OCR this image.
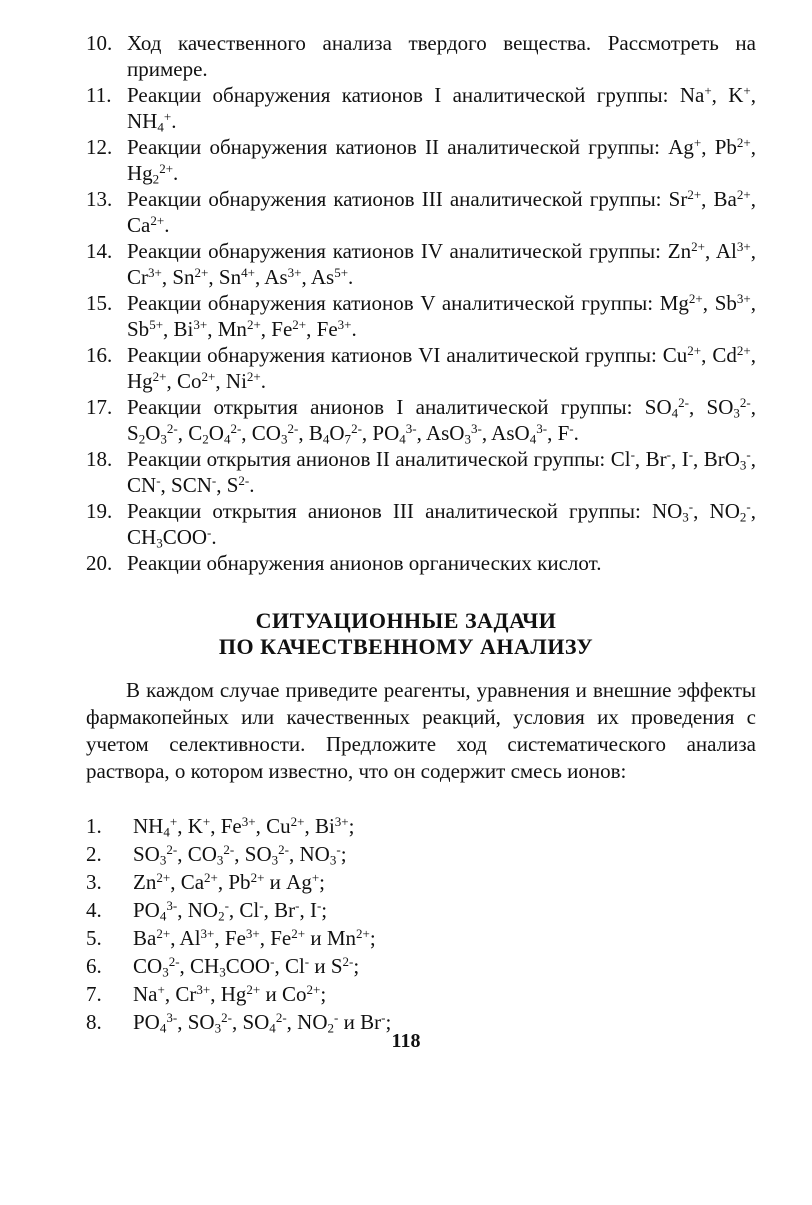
10. Ход качественного анализа твердого вещества. Рассмотреть на примере.
11. Реакции обнаружения катионов I аналитической группы: Na+, K+, $NH_4^+$.
12. Реакции обнаружения катионов II аналитической группы: Ag+, $Pb^{2+}$, $Hg_2^{2+}$.
13. Реакции обнаружения катионов III аналитической группы: $Sr^{2+}$, $Ba^{2+}$, $Ca^{2+}$.
14. Реакции обнаружения катионов IV аналитической группы: $Zn^{2+}$, $Al^{3+}$, $Cr^{3+}$, $Sn^{2+}$, $Sn^{4+}$, $As^{3+}$, $As^{5+}$.
15. Реакции обнаружения катионов V аналитической группы: $Mg^{2+}$, $Sb^{3+}$, $Sb^{5+}$, $Bi^{3+}$, $Mn^{2+}$, $Fe^{2+}$, $Fe^{3+}$.
16. Реакции обнаружения катионов VI аналитической группы: $Cu^{2+}$, $Cd^{2+}$, $Hg^{2+}$, $Co^{2+}$, $Ni^{2+}$.
17. Реакции открытия анионов I аналитической группы: $SO_4^{2-}$, $SO_3^{2-}$, $S_2O_3^{2-}$, $C_2O_4^{2-}$, $CO_3^{2-}$, $B_4O_7^{2-}$, $PO_4^{3-}$, AsO$_3^{3-}$, AsO$_4^{3-}$, F-.
18. Реакции открытия анионов II аналитической группы: Cl-, Br-, I-, BrO$_3$-, CN-, SCN-, $S^{2-}$.
19. Реакции открытия анионов III аналитической группы: $NO_3^-$, $NO_2^-$, $CH_3COO^-$.
20. Реакции обнаружения анионов органических кислот.
СИТУАЦИОННЫЕ ЗАДАЧИ
ПО КАЧЕСТВЕННОМУ АНАЛИЗУ
В каждом случае приведите реагенты, уравнения и внешние эффекты фармакопейных или качественных реакций, условия их проведения с учетом селективности. Предложите ход систематического анализа раствора, о котором известно, что он содержит смесь ионов:
1.	$NH_4^+$, K+, $Fe^{3+}$, $Cu^{2+}$, $Bi^{3+}$;
2.	$SO_3^{2-}$, $CO_3^{2-}$, $SO_3^{2-}$, $NO_3^-$;
3.	$Zn^{2+}$, $Ca^{2+}$, $Pb^{2+}$ и Ag+;
4.	$PO_4^{3-}$, $NO_2^-$, Cl-, Br-, I-;
5.	$Ba^{2+}$, $Al^{3+}$, $Fe^{3+}$, $Fe^{2+}$ и $Mn^{2+}$;
6.	$CO_3^{2-}$, $CH_3COO^-$, Cl- и $S^{2-}$;
7.	Na+, $Cr^{3+}$, $Hg^{2+}$ и $Co^{2+}$;
8.	$PO_4^{3-}$, $SO_3^{2-}$, $SO_4^{2-}$, $NO_2^-$ и Br-;
118
